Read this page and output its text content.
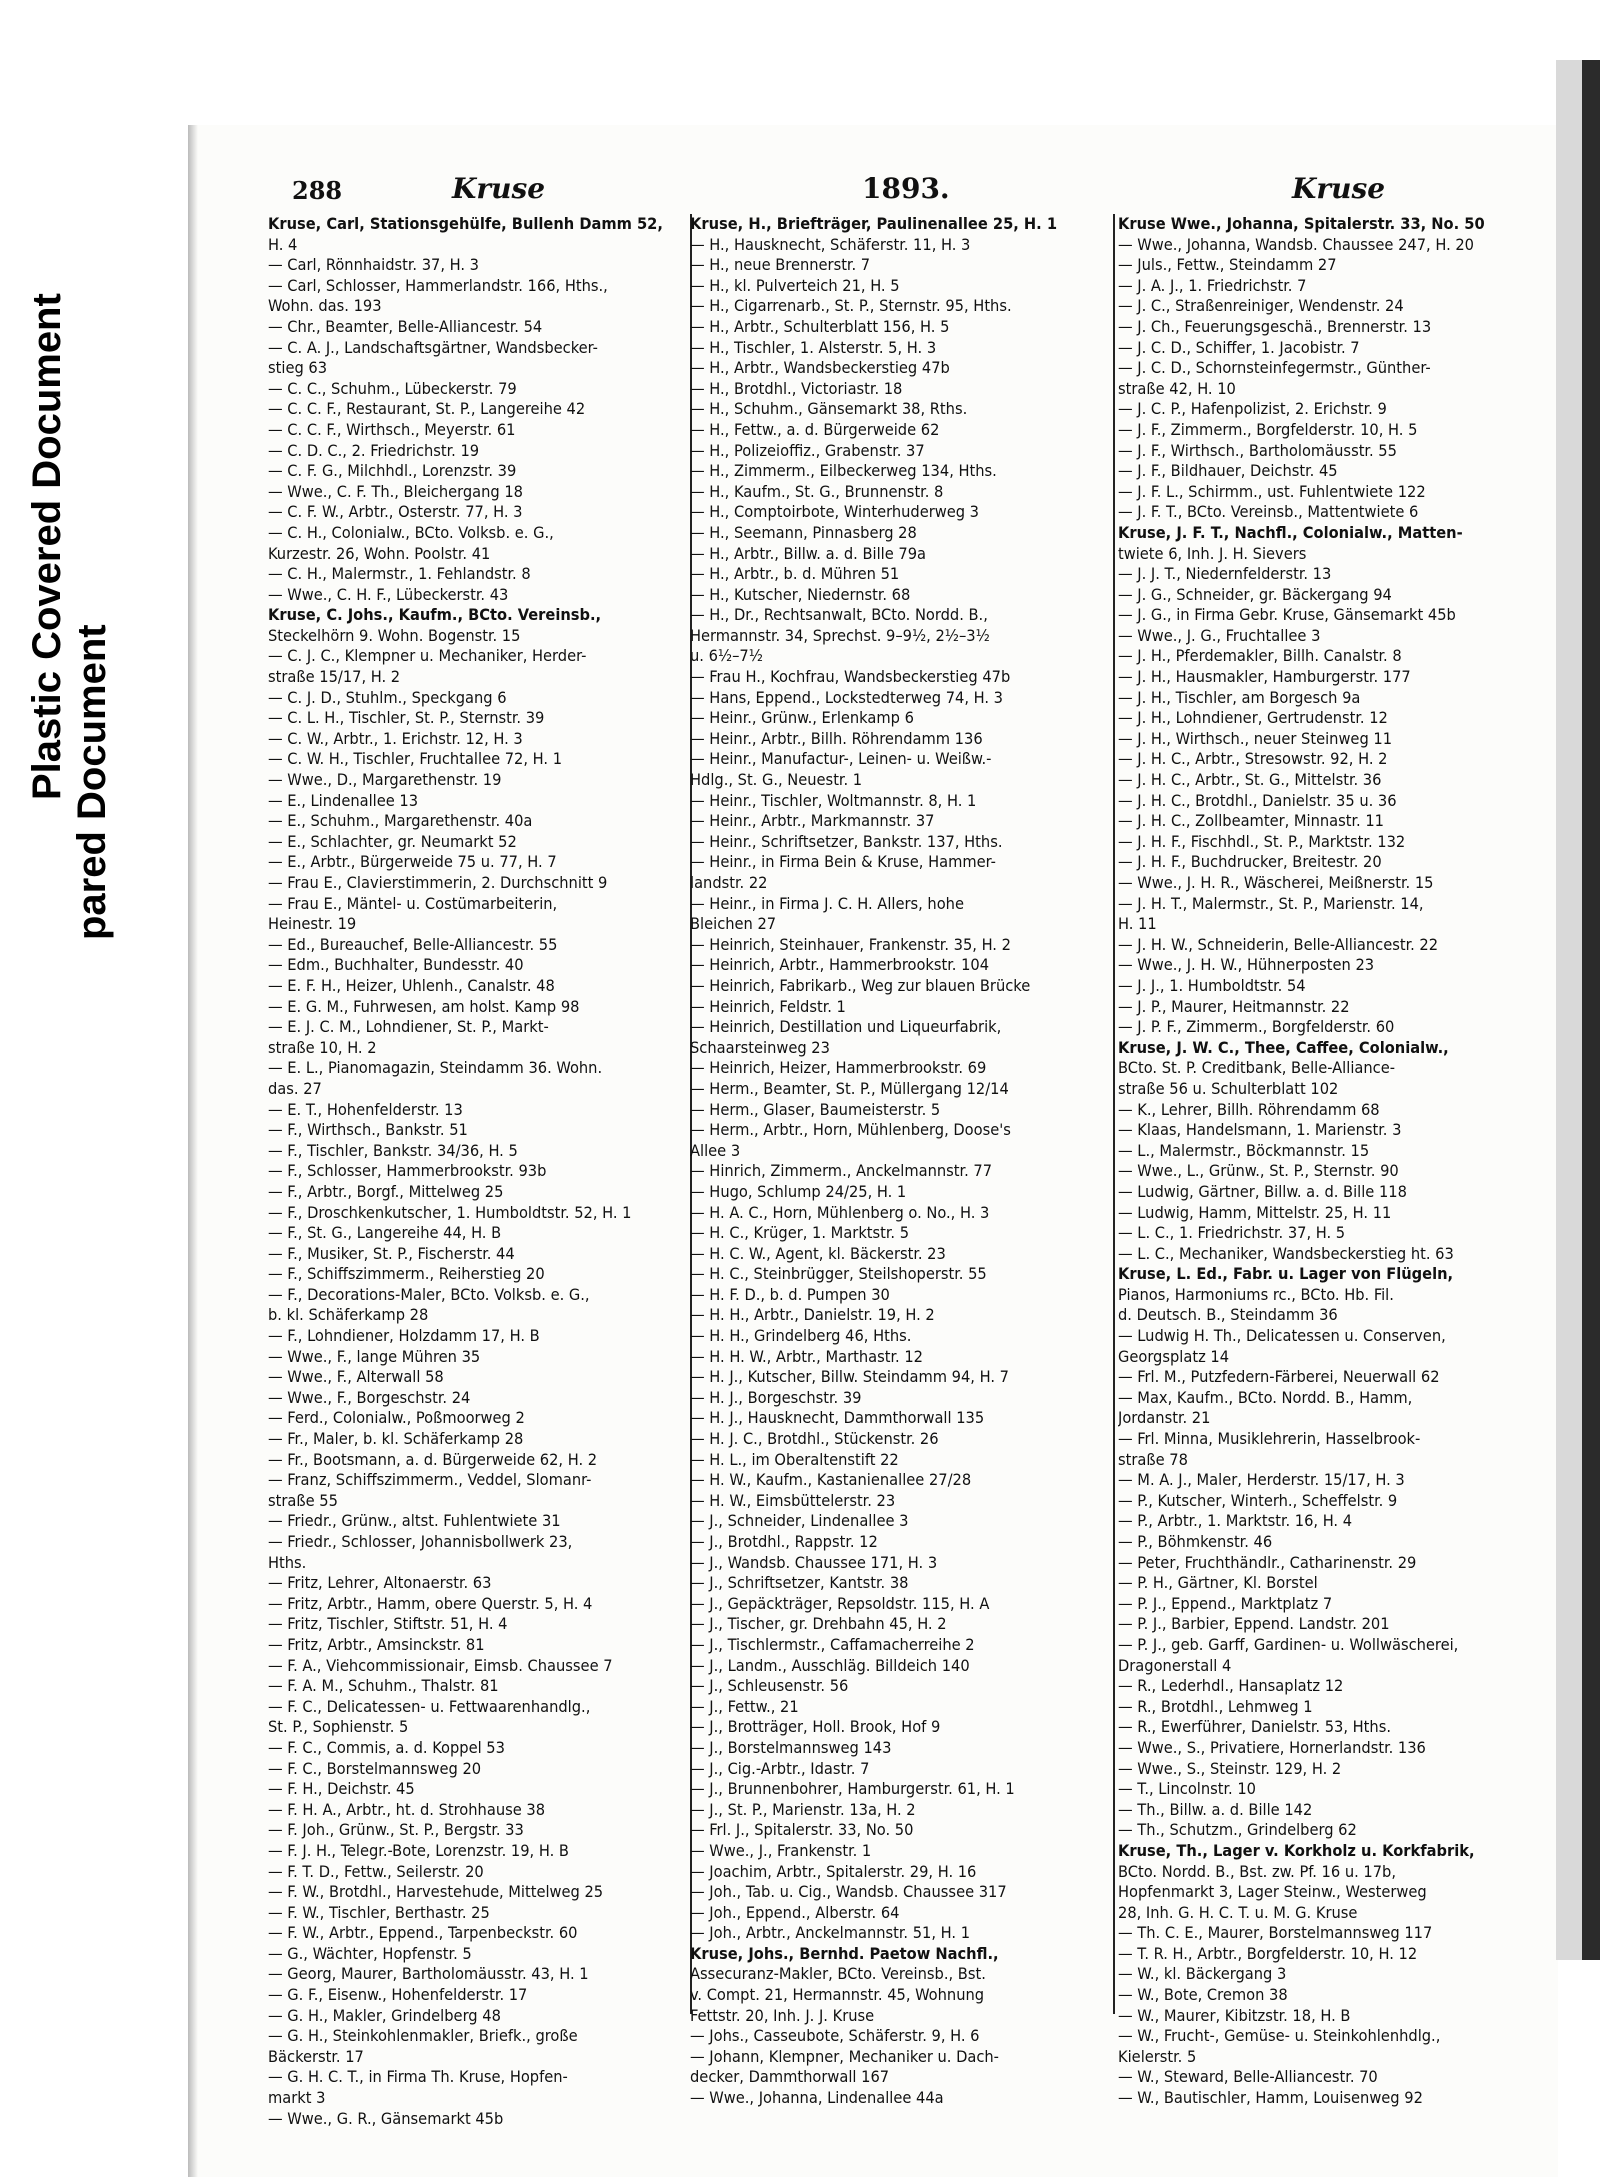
pared Document
Plastic Covered Document
288	Kruse	1893.	Kruse
Kruse, Carl, Stationsgehülfe, Bullenh Damm 52,
H. 4
— Carl, Rönnhaidstr. 37, H. 3
— Carl, Schlosser, Hammerlandstr. 166, Hths.,
Wohn. das. 193
— Chr., Beamter, Belle-Alliancestr. 54
— C. A. J., Landschaftsgärtner, Wandsbecker-
stieg 63
— C. C., Schuhm., Lübeckerstr. 79
— C. C. F., Restaurant, St. P., Langereihe 42
— C. C. F., Wirthsch., Meyerstr. 61
— C. D. C., 2. Friedrichstr. 19
— C. F. G., Milchhdl., Lorenzstr. 39
— Wwe., C. F. Th., Bleichergang 18
— C. F. W., Arbtr., Osterstr. 77, H. 3
— C. H., Colonialw., BCto. Volksb. e. G.,
Kurzestr. 26, Wohn. Poolstr. 41
— C. H., Malermstr., 1. Fehlandstr. 8
— Wwe., C. H. F., Lübeckerstr. 43
Kruse, C. Johs., Kaufm., BCto. Vereinsb.,
Steckelhörn 9. Wohn. Bogenstr. 15
— C. J. C., Klempner u. Mechaniker, Herder-
straße 15/17, H. 2
— C. J. D., Stuhlm., Speckgang 6
— C. L. H., Tischler, St. P., Sternstr. 39
— C. W., Arbtr., 1. Erichstr. 12, H. 3
— C. W. H., Tischler, Fruchtallee 72, H. 1
— Wwe., D., Margarethenstr. 19
— E., Lindenallee 13
— E., Schuhm., Margarethenstr. 40a
— E., Schlachter, gr. Neumarkt 52
— E., Arbtr., Bürgerweide 75 u. 77, H. 7
— Frau E., Clavierstimmerin, 2. Durchschnitt 9
— Frau E., Mäntel- u. Costümarbeiterin,
Heinestr. 19
— Ed., Bureauchef, Belle-Alliancestr. 55
— Edm., Buchhalter, Bundesstr. 40
— E. F. H., Heizer, Uhlenh., Canalstr. 48
— E. G. M., Fuhrwesen, am holst. Kamp 98
— E. J. C. M., Lohndiener, St. P., Markt-
straße 10, H. 2
— E. L., Pianomagazin, Steindamm 36. Wohn.
das. 27
— E. T., Hohenfelderstr. 13
— F., Wirthsch., Bankstr. 51
— F., Tischler, Bankstr. 34/36, H. 5
— F., Schlosser, Hammerbrookstr. 93b
— F., Arbtr., Borgf., Mittelweg 25
— F., Droschkenkutscher, 1. Humboldtstr. 52, H. 1
— F., St. G., Langereihe 44, H. B
— F., Musiker, St. P., Fischerstr. 44
— F., Schiffszimmerm., Reiherstieg 20
— F., Decorations-Maler, BCto. Volksb. e. G.,
b. kl. Schäferkamp 28
— F., Lohndiener, Holzdamm 17, H. B
— Wwe., F., lange Mühren 35
— Wwe., F., Alterwall 58
— Wwe., F., Borgeschstr. 24
— Ferd., Colonialw., Poßmoorweg 2
— Fr., Maler, b. kl. Schäferkamp 28
— Fr., Bootsmann, a. d. Bürgerweide 62, H. 2
— Franz, Schiffszimmerm., Veddel, Slomanr-
straße 55
— Friedr., Grünw., altst. Fuhlentwiete 31
— Friedr., Schlosser, Johannisbollwerk 23,
Hths.
— Fritz, Lehrer, Altonaerstr. 63
— Fritz, Arbtr., Hamm, obere Querstr. 5, H. 4
— Fritz, Tischler, Stiftstr. 51, H. 4
— Fritz, Arbtr., Amsinckstr. 81
— F. A., Viehcommissionair, Eimsb. Chaussee 7
— F. A. M., Schuhm., Thalstr. 81
— F. C., Delicatessen- u. Fettwaarenhandlg.,
St. P., Sophienstr. 5
— F. C., Commis, a. d. Koppel 53
— F. C., Borstelmannsweg 20
— F. H., Deichstr. 45
— F. H. A., Arbtr., ht. d. Strohhause 38
— F. Joh., Grünw., St. P., Bergstr. 33
— F. J. H., Telegr.-Bote, Lorenzstr. 19, H. B
— F. T. D., Fettw., Seilerstr. 20
— F. W., Brotdhl., Harvestehude, Mittelweg 25
— F. W., Tischler, Berthastr. 25
— F. W., Arbtr., Eppend., Tarpenbeckstr. 60
— G., Wächter, Hopfenstr. 5
— Georg, Maurer, Bartholomäusstr. 43, H. 1
— G. F., Eisenw., Hohenfelderstr. 17
— G. H., Makler, Grindelberg 48
— G. H., Steinkohlenmakler, Briefk., große
Bäckerstr. 17
— G. H. C. T., in Firma Th. Kruse, Hopfen-
markt 3
— Wwe., G. R., Gänsemarkt 45b
Kruse, H., Briefträger, Paulinenallee 25, H. 1
— H., Hausknecht, Schäferstr. 11, H. 3
— H., neue Brennerstr. 7
— H., kl. Pulverteich 21, H. 5
— H., Cigarrenarb., St. P., Sternstr. 95, Hths.
— H., Arbtr., Schulterblatt 156, H. 5
— H., Tischler, 1. Alsterstr. 5, H. 3
— H., Arbtr., Wandsbeckerstieg 47b
— H., Brotdhl., Victoriastr. 18
— H., Schuhm., Gänsemarkt 38, Rths.
— H., Fettw., a. d. Bürgerweide 62
— H., Polizeioffiz., Grabenstr. 37
— H., Zimmerm., Eilbeckerweg 134, Hths.
— H., Kaufm., St. G., Brunnenstr. 8
— H., Comptoirbote, Winterhuderweg 3
— H., Seemann, Pinnasberg 28
— H., Arbtr., Billw. a. d. Bille 79a
— H., Arbtr., b. d. Mühren 51
— H., Kutscher, Niedernstr. 68
— H., Dr., Rechtsanwalt, BCto. Nordd. B.,
Hermannstr. 34, Sprechst. 9–9½, 2½–3½
u. 6½–7½
— Frau H., Kochfrau, Wandsbeckerstieg 47b
— Hans, Eppend., Lockstedterweg 74, H. 3
— Heinr., Grünw., Erlenkamp 6
— Heinr., Arbtr., Billh. Röhrendamm 136
— Heinr., Manufactur-, Leinen- u. Weißw.-
Hdlg., St. G., Neuestr. 1
— Heinr., Tischler, Woltmannstr. 8, H. 1
— Heinr., Arbtr., Markmannstr. 37
— Heinr., Schriftsetzer, Bankstr. 137, Hths.
— Heinr., in Firma Bein & Kruse, Hammer-
landstr. 22
— Heinr., in Firma J. C. H. Allers, hohe
Bleichen 27
— Heinrich, Steinhauer, Frankenstr. 35, H. 2
— Heinrich, Arbtr., Hammerbrookstr. 104
— Heinrich, Fabrikarb., Weg zur blauen Brücke
— Heinrich, Feldstr. 1
— Heinrich, Destillation und Liqueurfabrik,
Schaarsteinweg 23
— Heinrich, Heizer, Hammerbrookstr. 69
— Herm., Beamter, St. P., Müllergang 12/14
— Herm., Glaser, Baumeisterstr. 5
— Herm., Arbtr., Horn, Mühlenberg, Doose's
Allee 3
— Hinrich, Zimmerm., Anckelmannstr. 77
— Hugo, Schlump 24/25, H. 1
— H. A. C., Horn, Mühlenberg o. No., H. 3
— H. C., Krüger, 1. Marktstr. 5
— H. C. W., Agent, kl. Bäckerstr. 23
— H. C., Steinbrügger, Steilshoperstr. 55
— H. F. D., b. d. Pumpen 30
— H. H., Arbtr., Danielstr. 19, H. 2
— H. H., Grindelberg 46, Hths.
— H. H. W., Arbtr., Marthastr. 12
— H. J., Kutscher, Billw. Steindamm 94, H. 7
— H. J., Borgeschstr. 39
— H. J., Hausknecht, Dammthorwall 135
— H. J. C., Brotdhl., Stückenstr. 26
— H. L., im Oberaltenstift 22
— H. W., Kaufm., Kastanienallee 27/28
— H. W., Eimsbüttelerstr. 23
— J., Schneider, Lindenallee 3
— J., Brotdhl., Rappstr. 12
— J., Wandsb. Chaussee 171, H. 3
— J., Schriftsetzer, Kantstr. 38
— J., Gepäckträger, Repsoldstr. 115, H. A
— J., Tischer, gr. Drehbahn 45, H. 2
— J., Tischlermstr., Caffamacherreihe 2
— J., Landm., Ausschläg. Billdeich 140
— J., Schleusenstr. 56
— J., Fettw., 21
— J., Brotträger, Holl. Brook, Hof 9
— J., Borstelmannsweg 143
— J., Cig.-Arbtr., Idastr. 7
— J., Brunnenbohrer, Hamburgerstr. 61, H. 1
— J., St. P., Marienstr. 13a, H. 2
— Frl. J., Spitalerstr. 33, No. 50
— Wwe., J., Frankenstr. 1
— Joachim, Arbtr., Spitalerstr. 29, H. 16
— Joh., Tab. u. Cig., Wandsb. Chaussee 317
— Joh., Eppend., Alberstr. 64
— Joh., Arbtr., Anckelmannstr. 51, H. 1
Kruse, Johs., Bernhd. Paetow Nachfl.,
Assecuranz-Makler, BCto. Vereinsb., Bst.
v. Compt. 21, Hermannstr. 45, Wohnung
Fettstr. 20, Inh. J. J. Kruse
— Johs., Casseubote, Schäferstr. 9, H. 6
— Johann, Klempner, Mechaniker u. Dach-
decker, Dammthorwall 167
— Wwe., Johanna, Lindenallee 44a
Kruse Wwe., Johanna, Spitalerstr. 33, No. 50
— Wwe., Johanna, Wandsb. Chaussee 247, H. 20
— Juls., Fettw., Steindamm 27
— J. A. J., 1. Friedrichstr. 7
— J. C., Straßenreiniger, Wendenstr. 24
— J. Ch., Feuerungsgeschä., Brennerstr. 13
— J. C. D., Schiffer, 1. Jacobistr. 7
— J. C. D., Schornsteinfegermstr., Günther-
straße 42, H. 10
— J. C. P., Hafenpolizist, 2. Erichstr. 9
— J. F., Zimmerm., Borgfelderstr. 10, H. 5
— J. F., Wirthsch., Bartholomäusstr. 55
— J. F., Bildhauer, Deichstr. 45
— J. F. L., Schirmm., ust. Fuhlentwiete 122
— J. F. T., BCto. Vereinsb., Mattentwiete 6
Kruse, J. F. T., Nachfl., Colonialw., Matten-
twiete 6, Inh. J. H. Sievers
— J. J. T., Niedernfelderstr. 13
— J. G., Schneider, gr. Bäckergang 94
— J. G., in Firma Gebr. Kruse, Gänsemarkt 45b
— Wwe., J. G., Fruchtallee 3
— J. H., Pferdemakler, Billh. Canalstr. 8
— J. H., Hausmakler, Hamburgerstr. 177
— J. H., Tischler, am Borgesch 9a
— J. H., Lohndiener, Gertrudenstr. 12
— J. H., Wirthsch., neuer Steinweg 11
— J. H. C., Arbtr., Stresowstr. 92, H. 2
— J. H. C., Arbtr., St. G., Mittelstr. 36
— J. H. C., Brotdhl., Danielstr. 35 u. 36
— J. H. C., Zollbeamter, Minnastr. 11
— J. H. F., Fischhdl., St. P., Marktstr. 132
— J. H. F., Buchdrucker, Breitestr. 20
— Wwe., J. H. R., Wäscherei, Meißnerstr. 15
— J. H. T., Malermstr., St. P., Marienstr. 14,
H. 11
— J. H. W., Schneiderin, Belle-Alliancestr. 22
— Wwe., J. H. W., Hühnerposten 23
— J. J., 1. Humboldtstr. 54
— J. P., Maurer, Heitmannstr. 22
— J. P. F., Zimmerm., Borgfelderstr. 60
Kruse, J. W. C., Thee, Caffee, Colonialw.,
BCto. St. P. Creditbank, Belle-Alliance-
straße 56 u. Schulterblatt 102
— K., Lehrer, Billh. Röhrendamm 68
— Klaas, Handelsmann, 1. Marienstr. 3
— L., Malermstr., Böckmannstr. 15
— Wwe., L., Grünw., St. P., Sternstr. 90
— Ludwig, Gärtner, Billw. a. d. Bille 118
— Ludwig, Hamm, Mittelstr. 25, H. 11
— L. C., 1. Friedrichstr. 37, H. 5
— L. C., Mechaniker, Wandsbeckerstieg ht. 63
Kruse, L. Ed., Fabr. u. Lager von Flügeln,
Pianos, Harmoniums rc., BCto. Hb. Fil.
d. Deutsch. B., Steindamm 36
— Ludwig H. Th., Delicatessen u. Conserven,
Georgsplatz 14
— Frl. M., Putzfedern-Färberei, Neuerwall 62
— Max, Kaufm., BCto. Nordd. B., Hamm,
Jordanstr. 21
— Frl. Minna, Musiklehrerin, Hasselbrook-
straße 78
— M. A. J., Maler, Herderstr. 15/17, H. 3
— P., Kutscher, Winterh., Scheffelstr. 9
— P., Arbtr., 1. Marktstr. 16, H. 4
— P., Böhmkenstr. 46
— Peter, Fruchthändlr., Catharinenstr. 29
— P. H., Gärtner, Kl. Borstel
— P. J., Eppend., Marktplatz 7
— P. J., Barbier, Eppend. Landstr. 201
— P. J., geb. Garff, Gardinen- u. Wollwäscherei,
Dragonerstall 4
— R., Lederhdl., Hansaplatz 12
— R., Brotdhl., Lehmweg 1
— R., Ewerführer, Danielstr. 53, Hths.
— Wwe., S., Privatiere, Hornerlandstr. 136
— Wwe., S., Steinstr. 129, H. 2
— T., Lincolnstr. 10
— Th., Billw. a. d. Bille 142
— Th., Schutzm., Grindelberg 62
Kruse, Th., Lager v. Korkholz u. Korkfabrik,
BCto. Nordd. B., Bst. zw. Pf. 16 u. 17b,
Hopfenmarkt 3, Lager Steinw., Westerweg
28, Inh. G. H. C. T. u. M. G. Kruse
— Th. C. E., Maurer, Borstelmannsweg 117
— T. R. H., Arbtr., Borgfelderstr. 10, H. 12
— W., kl. Bäckergang 3
— W., Bote, Cremon 38
— W., Maurer, Kibitzstr. 18, H. B
— W., Frucht-, Gemüse- u. Steinkohlenhdlg.,
Kielerstr. 5
— W., Steward, Belle-Alliancestr. 70
— W., Bautischler, Hamm, Louisenweg 92
